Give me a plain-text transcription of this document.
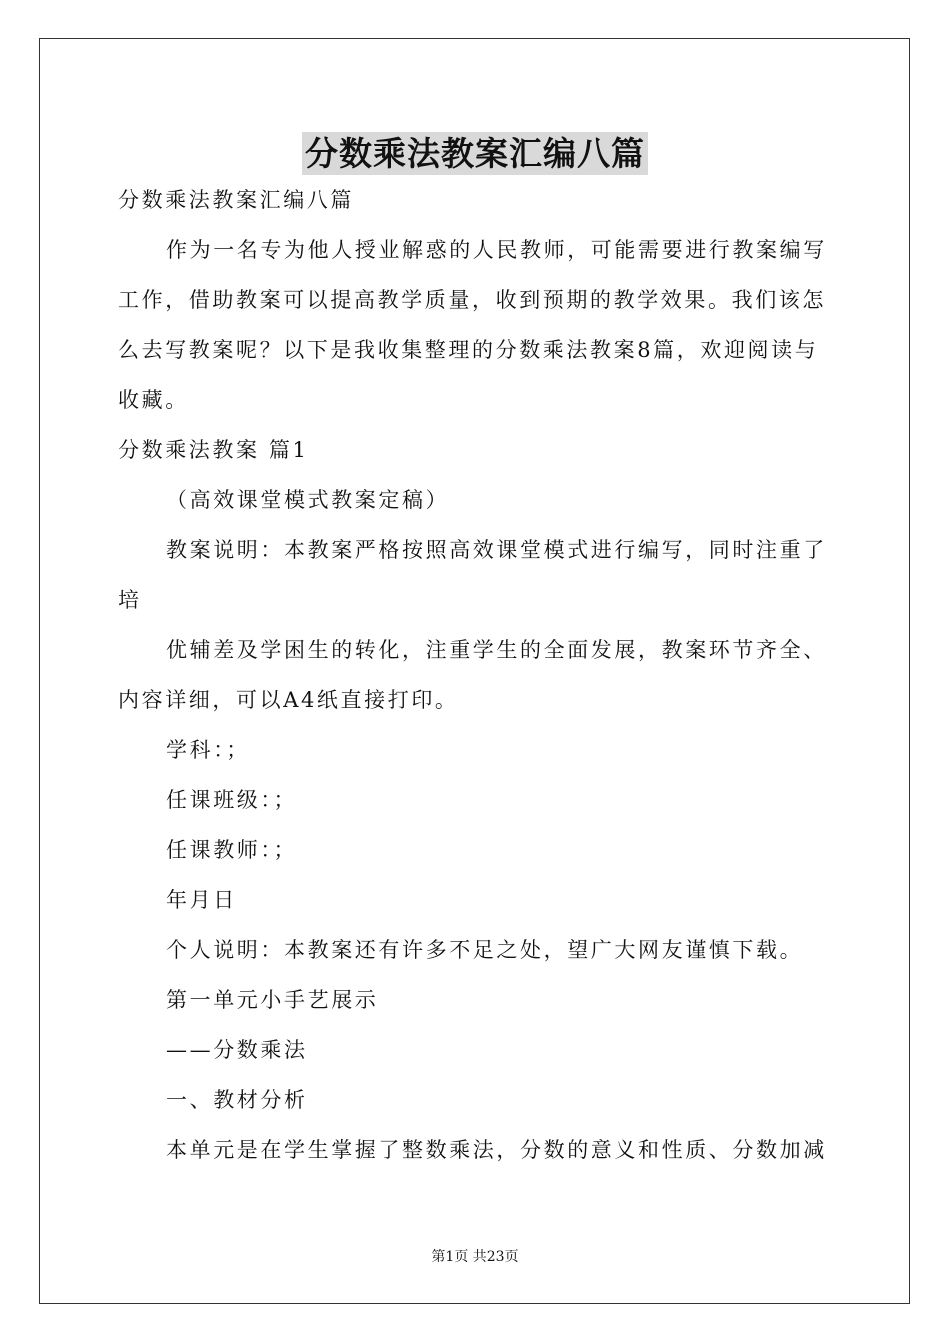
分数乘法教案汇编八篇
分数乘法教案汇编八篇
作为一名专为他人授业解惑的人民教师，可能需要进行教案编写
工作，借助教案可以提高教学质量，收到预期的教学效果。我们该怎
么去写教案呢？以下是我收集整理的分数乘法教案8篇，欢迎阅读与
收藏。
分数乘法教案 篇1
（高效课堂模式教案定稿）
教案说明：本教案严格按照高效课堂模式进行编写，同时注重了
培
优辅差及学困生的转化，注重学生的全面发展，教案环节齐全、
内容详细，可以A4纸直接打印。
学科：；
任课班级：；
任课教师：；
年月日
个人说明：本教案还有许多不足之处，望广大网友谨慎下载。
第一单元小手艺展示
——分数乘法
一、教材分析
本单元是在学生掌握了整数乘法，分数的意义和性质、分数加减
第1页 共23页
